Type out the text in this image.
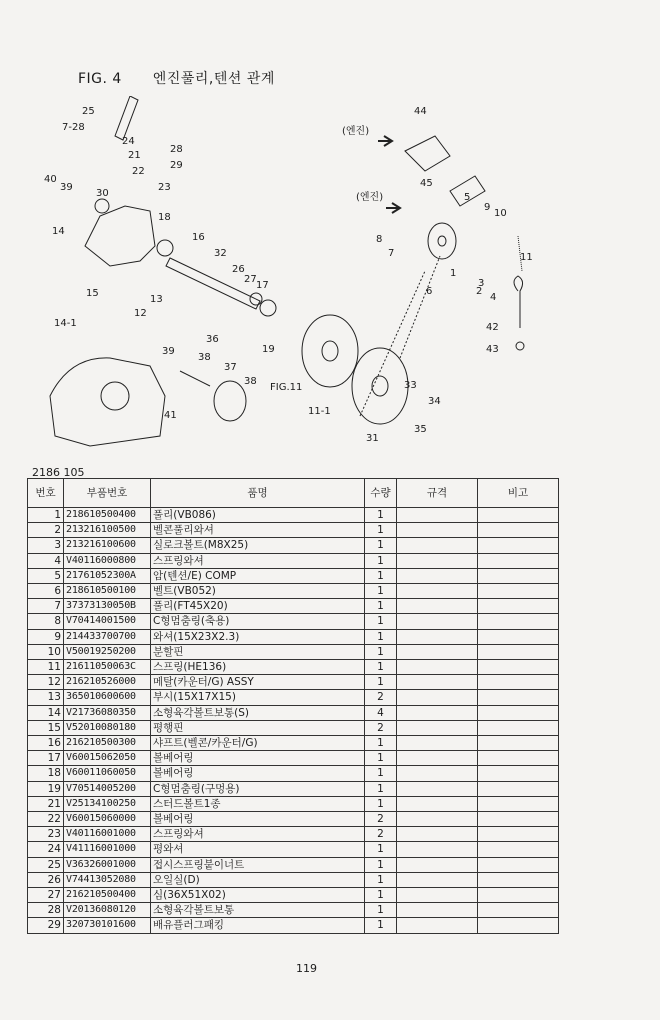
FIG. 4 엔진풀리,텐션 관계
25
7-28
24
21
28
29
22
23
40
39
30
18
16
14
32
26
27
17
15
13
12
14-1
36
39
38
37
38
19
41
FIG.11
11-1
31
44
(엔진)
45
(엔진)	5
9
10
8
7
3
1
11
6	2
4
42
43
33
34
35
2186 105
번호	부품번호	품명	수량	규격	비고
1	218610500400	풀리(VB086)	1		
2	213216100500	벨콘풀리와셔	1		
3	213216100600	실로크볼트(M8X25)	1		
4	V40116000800	스프링와셔	1		
5	21761052300A	암(텐션/E) COMP	1		
6	218610500100	벨트(VB052)	1		
7	37373130050B	풀리(FT45X20)	1		
8	V70414001500	C형멈춤링(축용)	1		
9	214433700700	와셔(15X23X2.3)	1		
10	V50019250200	분할핀	1		
11	21611050063C	스프링(HE136)	1		
12	216210526000	메탈(카운터/G) ASSY	1		
13	365010600600	부시(15X17X15)	2		
14	V21736080350	소형육각볼트보통(S)	4		
15	V52010080180	평행핀	2		
16	216210500300	샤프트(벨콘/카운터/G)	1		
17	V60015062050	볼베어링	1		
18	V60011060050	볼베어링	1		
19	V70514005200	C형멈춤링(구멍용)	1		
21	V25134100250	스터드볼트1종	1		
22	V60015060000	볼베어링	2		
23	V40116001000	스프링와셔	2		
24	V41116001000	평와셔	1		
25	V36326001000	접시스프링붙이너트	1		
26	V74413052080	오일실(D)	1		
27	216210500400	심(36X51X02)	1		
28	V20136080120	소형육각볼트보통	1		
29	320730101600	배유플러그패킹	1		
119
